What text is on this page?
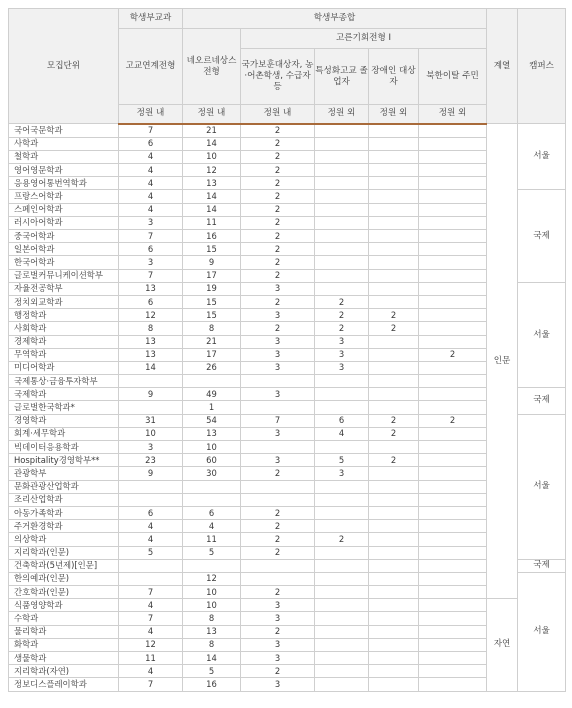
모집단위	학생부교과	학생부종합					계열	캠퍼스
	고교연계전형	네오르네상스전형	고른기회전형 I					
			국가보훈대상자, 농·어촌학생, 수급자 등	특성화고교 졸업자	장애인 대상자	북한이탈 주민		
	정원 내	정원 내	정원 내	정원 외	정원 외	정원 외		
국어국문학과	7	21	2				인문	서울
사학과	6	14	2					
철학과	4	10	2					
영어영문학과	4	12	2					
응용영어통번역학과	4	13	2					
프랑스어학과	4	14	2					국제
스페인어학과	4	14	2					
러시아어학과	3	11	2					
중국어학과	7	16	2					
일본어학과	6	15	2					
한국어학과	3	9	2					
글로벌커뮤니케이션학부	7	17	2					
자율전공학부	13	19	3					서울
정치외교학과	6	15	2	2				
행정학과	12	15	3	2	2			
사회학과	8	8	2	2	2			
경제학과	13	21	3	3				
무역학과	13	17	3	3		2		
미디어학과	14	26	3	3				
국제통상·금융투자학부								
국제학과	9	49	3					국제
글로벌한국학과*		1						
경영학과	31	54	7	6	2	2		서울
회계·세무학과	10	13	3	4	2			
빅데이터응용학과	3	10						
Hospitality경영학부**	23	60	3	5	2			
관광학부	9	30	2	3				
문화관광산업학과								
조리산업학과								
아동가족학과	6	6	2					
주거환경학과	4	4	2					
의상학과	4	11	2	2				
지리학과(인문)	5	5	2					
건축학과(5년제)[인문]								국제
한의예과(인문)		12						서울
간호학과(인문)	7	10	2					
식품영양학과	4	10	3				자연	
수학과	7	8	3					
물리학과	4	13	2					
화학과	12	8	3					
생물학과	11	14	3					
지리학과(자연)	4	5	2					
정보디스플레이학과	7	16	3					
